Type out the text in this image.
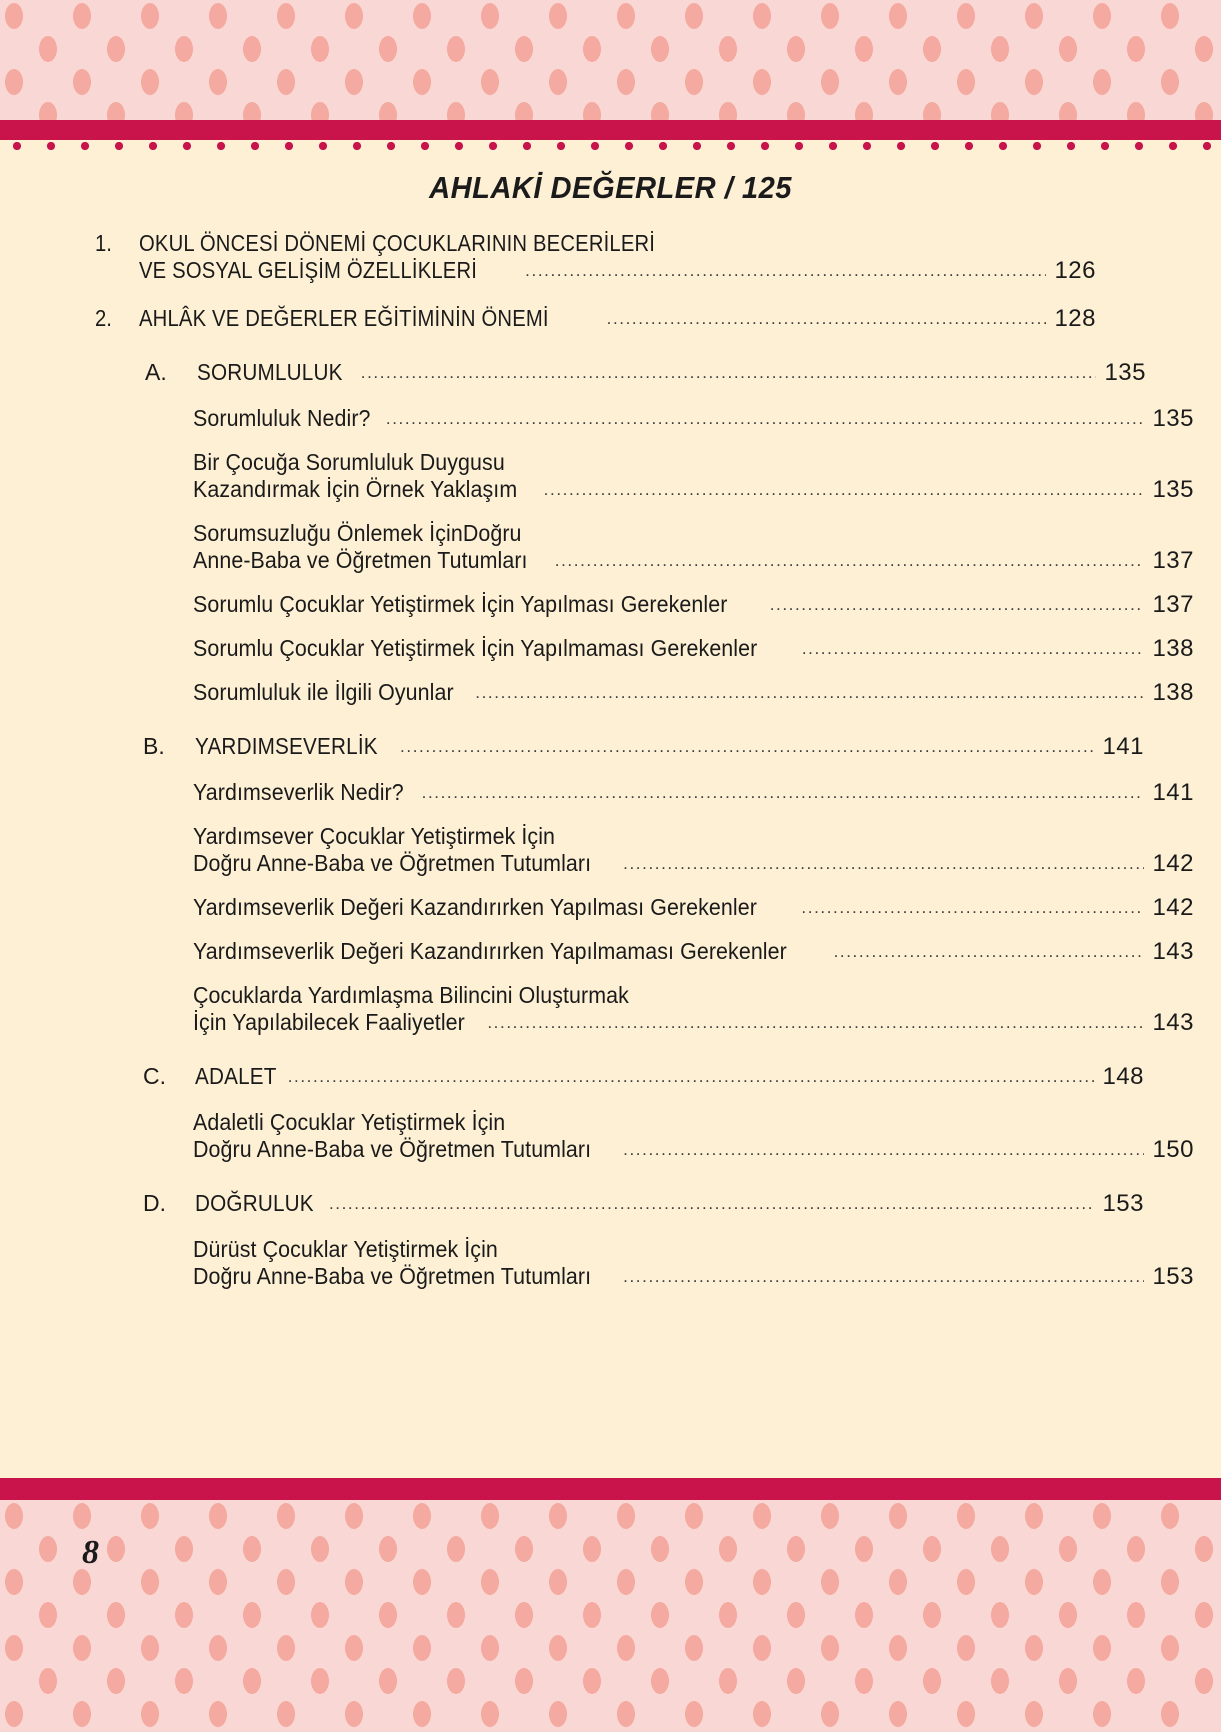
AHLAKİ DEĞERLER / 125
1.	OKUL ÖNCESİ DÖNEMİ ÇOCUKLARININ BECERİLERİ

VE SOSYAL GELİŞİM ÖZELLİKLERİ .....	126
2.	AHLÂK VE DEĞERLER EĞİTİMİNİN ÖNEMİ .....	128
A.	SORUMLULUK .....	135
Sorumluluk Nedir? .....	135
Bir Çocuğa Sorumluluk Duygusu
Kazandırmak İçin Örnek Yaklaşım .....	135
Sorumsuzluğu Önlemek İçinDoğru
Anne-Baba ve Öğretmen Tutumları .....	137
Sorumlu Çocuklar Yetiştirmek İçin Yapılması Gerekenler .....	137
Sorumlu Çocuklar Yetiştirmek İçin Yapılmaması Gerekenler .....	138
Sorumluluk ile İlgili Oyunlar .....	138
B.	YARDIMSEVERLİK .....	141
Yardımseverlik Nedir? .....	141
Yardımsever Çocuklar Yetiştirmek İçin
Doğru Anne-Baba ve Öğretmen Tutumları .....	142
Yardımseverlik Değeri Kazandırırken Yapılması Gerekenler .....	142
Yardımseverlik Değeri Kazandırırken Yapılmaması Gerekenler .....	143
Çocuklarda Yardımlaşma Bilincini Oluşturmak
İçin Yapılabilecek Faaliyetler .....	143
C.	ADALET .....	148
Adaletli Çocuklar Yetiştirmek İçin
Doğru Anne-Baba ve Öğretmen Tutumları .....	150
D.	DOĞRULUK .....	153
Dürüst Çocuklar Yetiştirmek İçin
Doğru Anne-Baba ve Öğretmen Tutumları .....	153
8
